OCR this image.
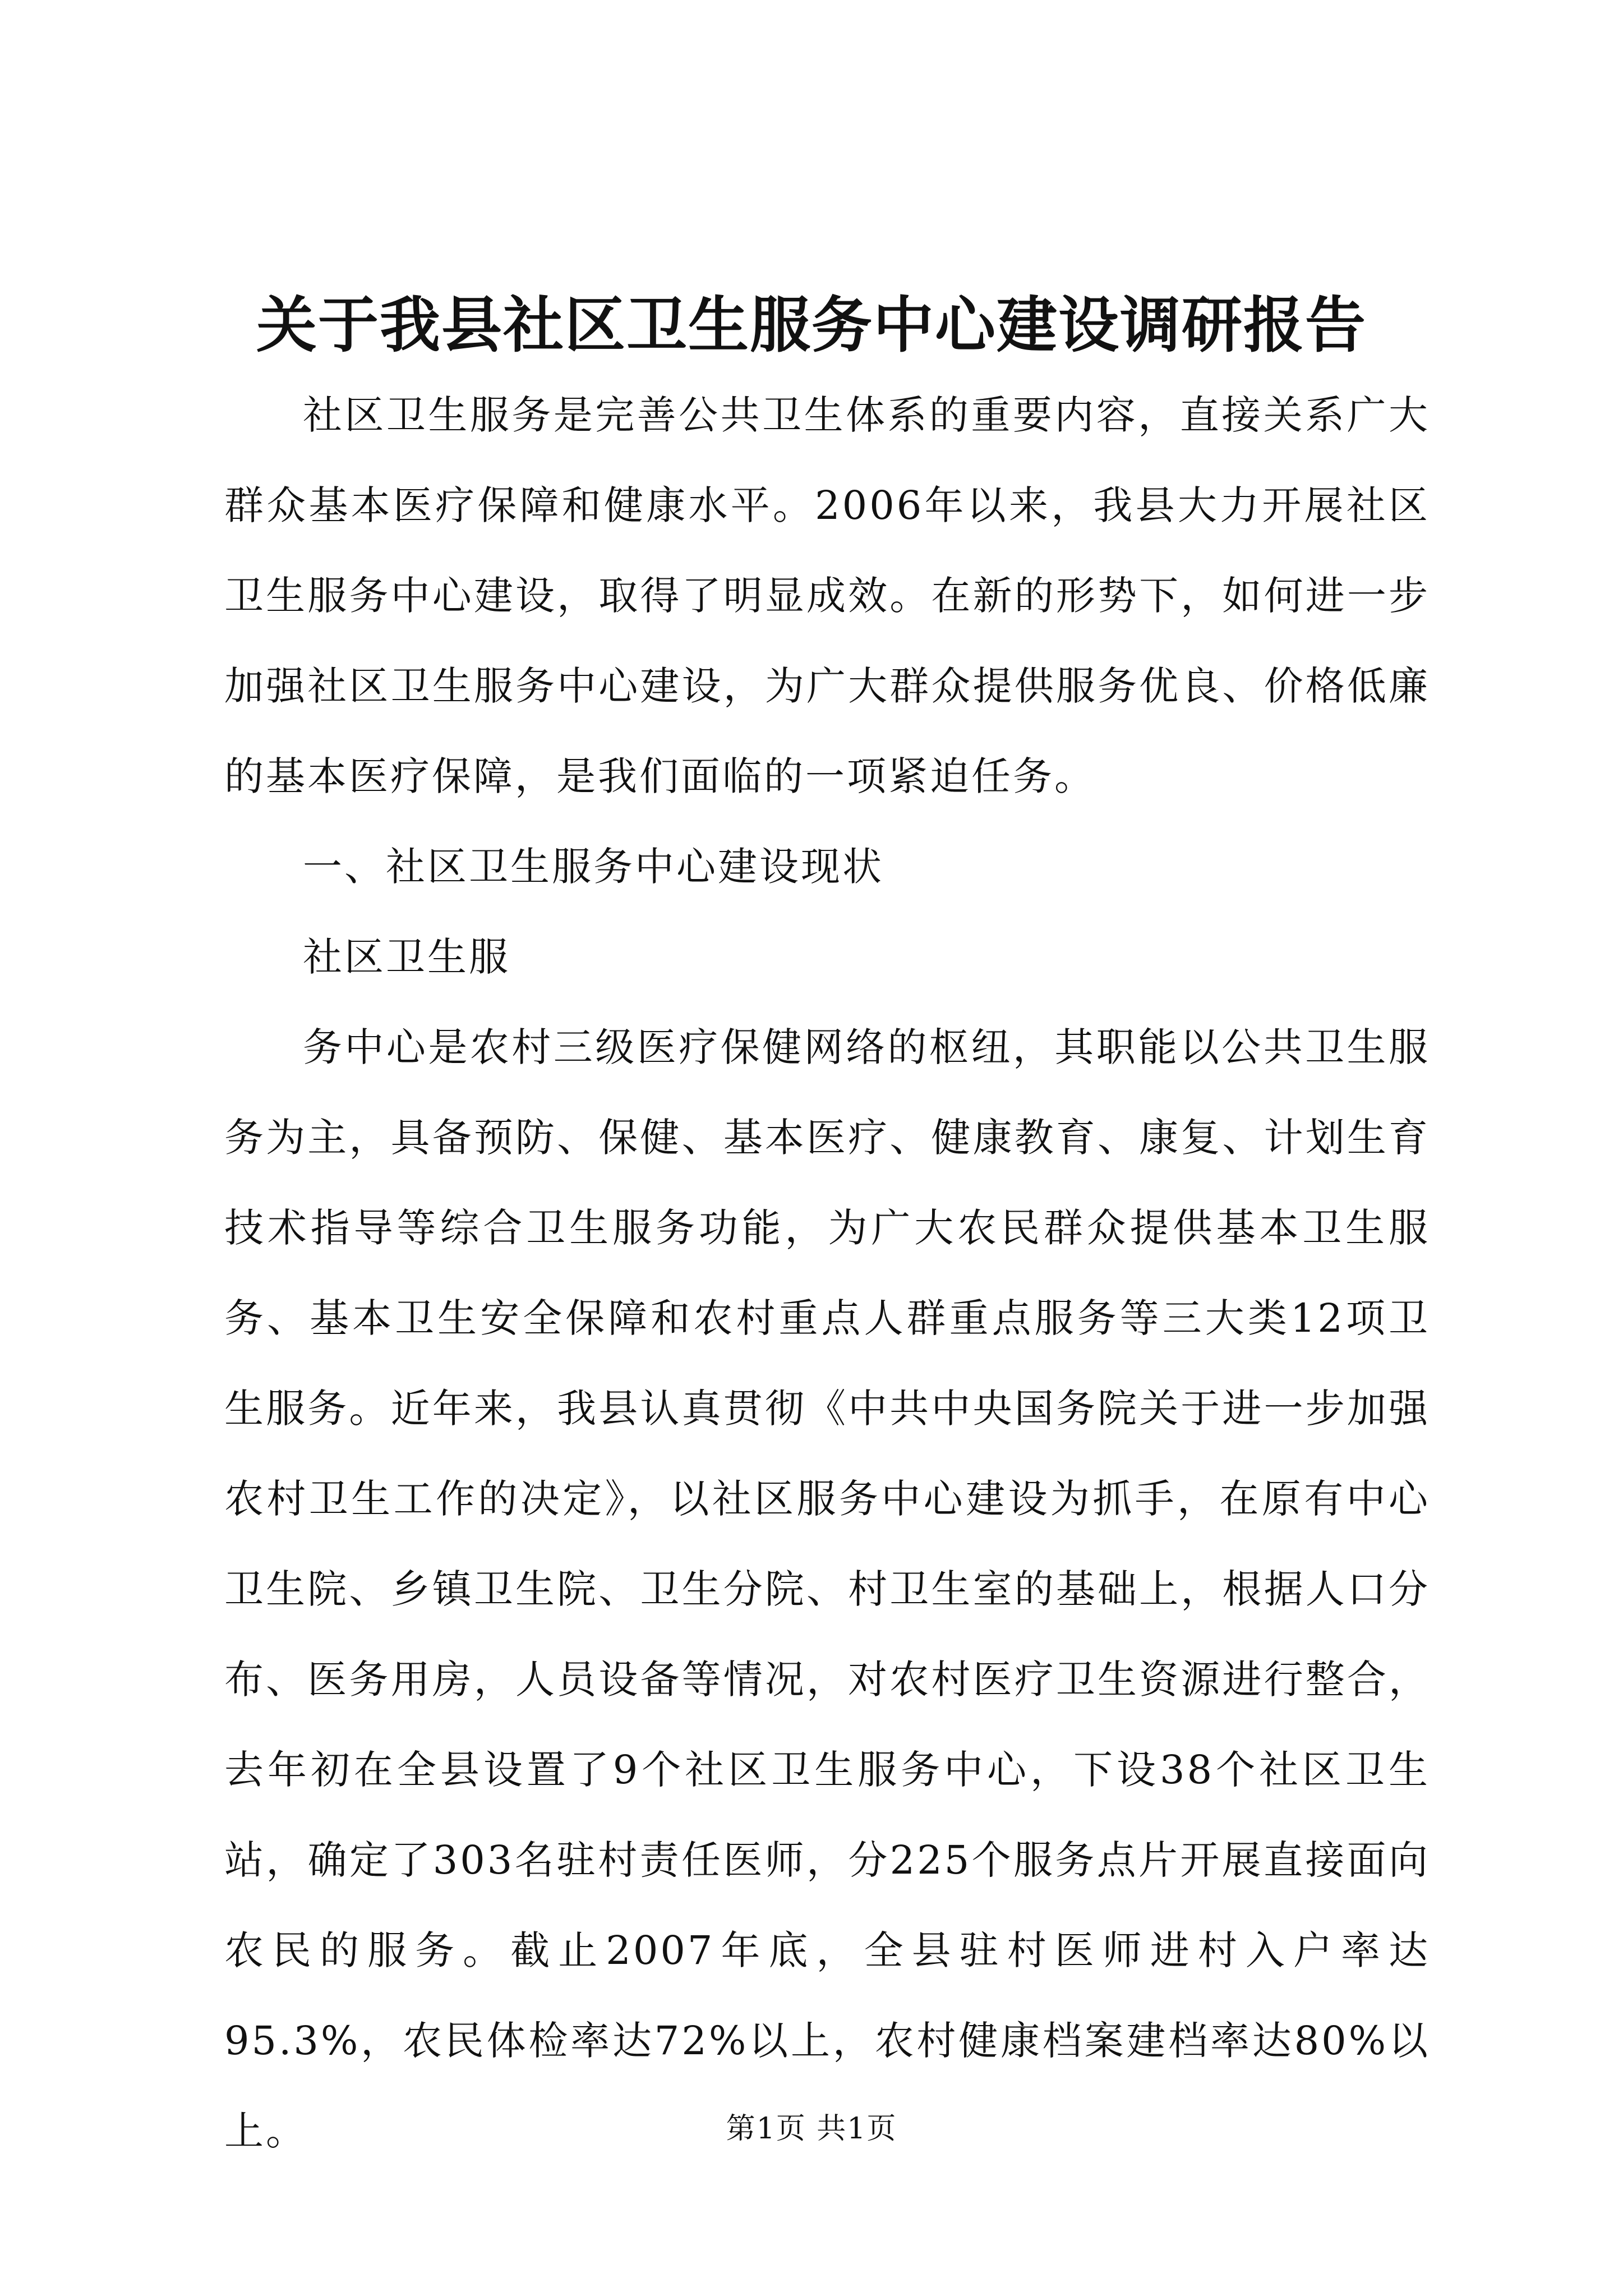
关于我县社区卫生服务中心建设调研报告

社区卫生服务是完善公共卫生体系的重要内容，直接关系广大群众基本医疗保障和健康水平。2006年以来，我县大力开展社区卫生服务中心建设，取得了明显成效。在新的形势下，如何进一步加强社区卫生服务中心建设，为广大群众提供服务优良、价格低廉的基本医疗保障，是我们面临的一项紧迫任务。

一、社区卫生服务中心建设现状

社区卫生服

务中心是农村三级医疗保健网络的枢纽，其职能以公共卫生服务为主，具备预防、保健、基本医疗、健康教育、康复、计划生育技术指导等综合卫生服务功能，为广大农民群众提供基本卫生服务、基本卫生安全保障和农村重点人群重点服务等三大类12项卫生服务。近年来，我县认真贯彻《中共中央国务院关于进一步加强农村卫生工作的决定》，以社区服务中心建设为抓手，在原有中心卫生院、乡镇卫生院、卫生分院、村卫生室的基础上，根据人口分布、医务用房，人员设备等情况，对农村医疗卫生资源进行整合，去年初在全县设置了9个社区卫生服务中心，下设38个社区卫生站，确定了303名驻村责任医师，分225个服务点片开展直接面向农民的服务。截止2007年底，全县驻村医师进村入户率达95.3%，农民体检率达72%以上，农村健康档案建档率达80%以上。	第1页 共1页
